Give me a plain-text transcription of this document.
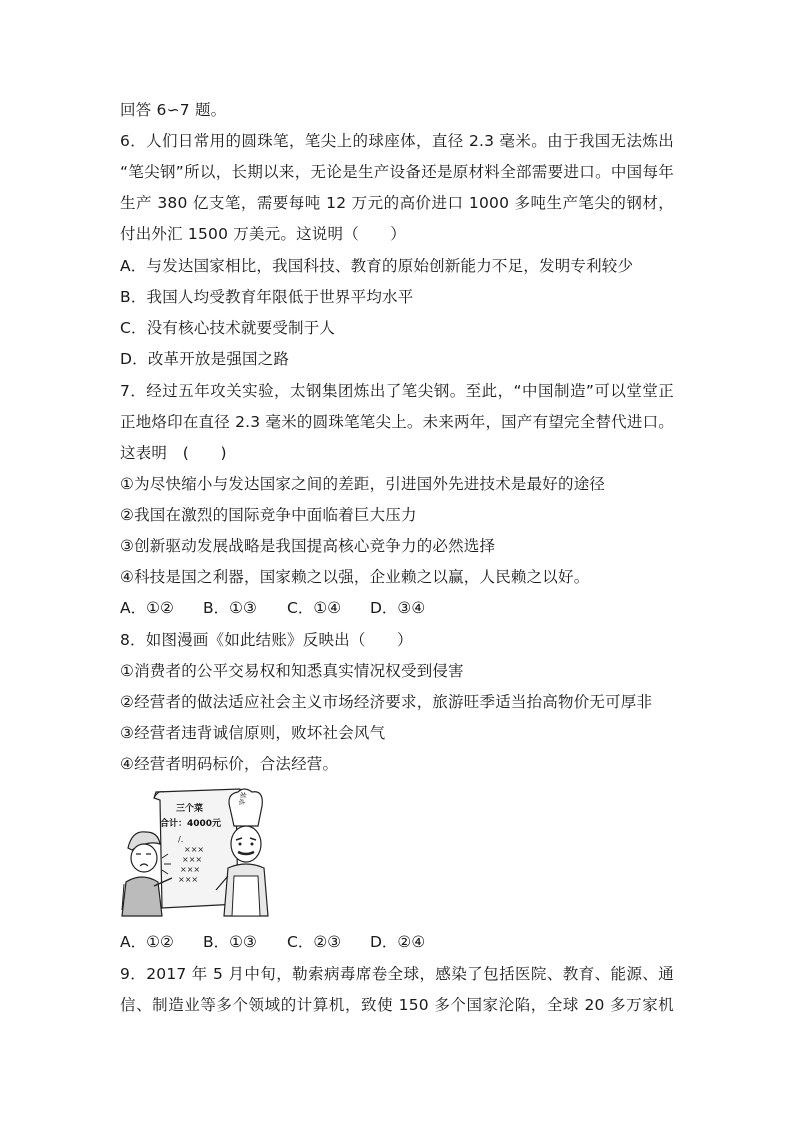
回答 6∽7 题。
6．人们日常用的圆珠笔，笔尖上的球座体，直径 2.3 毫米。由于我国无法炼出
“笔尖钢”所以，长期以来，无论是生产设备还是原材料全部需要进口。中国每年
生产 380 亿支笔，需要每吨 12 万元的高价进口 1000 多吨生产笔尖的钢材，
付出外汇 1500 万美元。这说明（　　）
A．与发达国家相比，我国科技、教育的原始创新能力不足，发明专利较少
B．我国人均受教育年限低于世界平均水平
C．没有核心技术就要受制于人
D．改革开放是强国之路
7．经过五年攻关实验，太钢集团炼出了笔尖钢。至此，“中国制造”可以堂堂正
正地烙印在直径 2.3 毫米的圆珠笔笔尖上。未来两年，国产有望完全替代进口。
这表明　(　　)
①为尽快缩小与发达国家之间的差距，引进国外先进技术是最好的途径
②我国在激烈的国际竞争中面临着巨大压力
③创新驱动发展战略是我国提高核心竞争力的必然选择
④科技是国之利器，国家赖之以强，企业赖之以赢，人民赖之以好。
A．①② B．①③ C．①④ D．③④
8．如图漫画《如此结账》反映出（　　）
①消费者的公平交易权和知悉真实情况权受到侵害
②经营者的做法适应社会主义市场经济要求，旅游旺季适当抬高物价无可厚非
③经营者违背诚信原则，败坏社会风气
④经营者明码标价，合法经营。
三个菜
合计：4000元
/.
×××
×××
×××
×××
宰客
A．①② B．①③ C．②③ D．②④
9．2017 年 5 月中旬，勒索病毒席卷全球，感染了包括医院、教育、能源、通
信、制造业等多个领域的计算机，致使 150 多个国家沦陷，全球 20 多万家机
